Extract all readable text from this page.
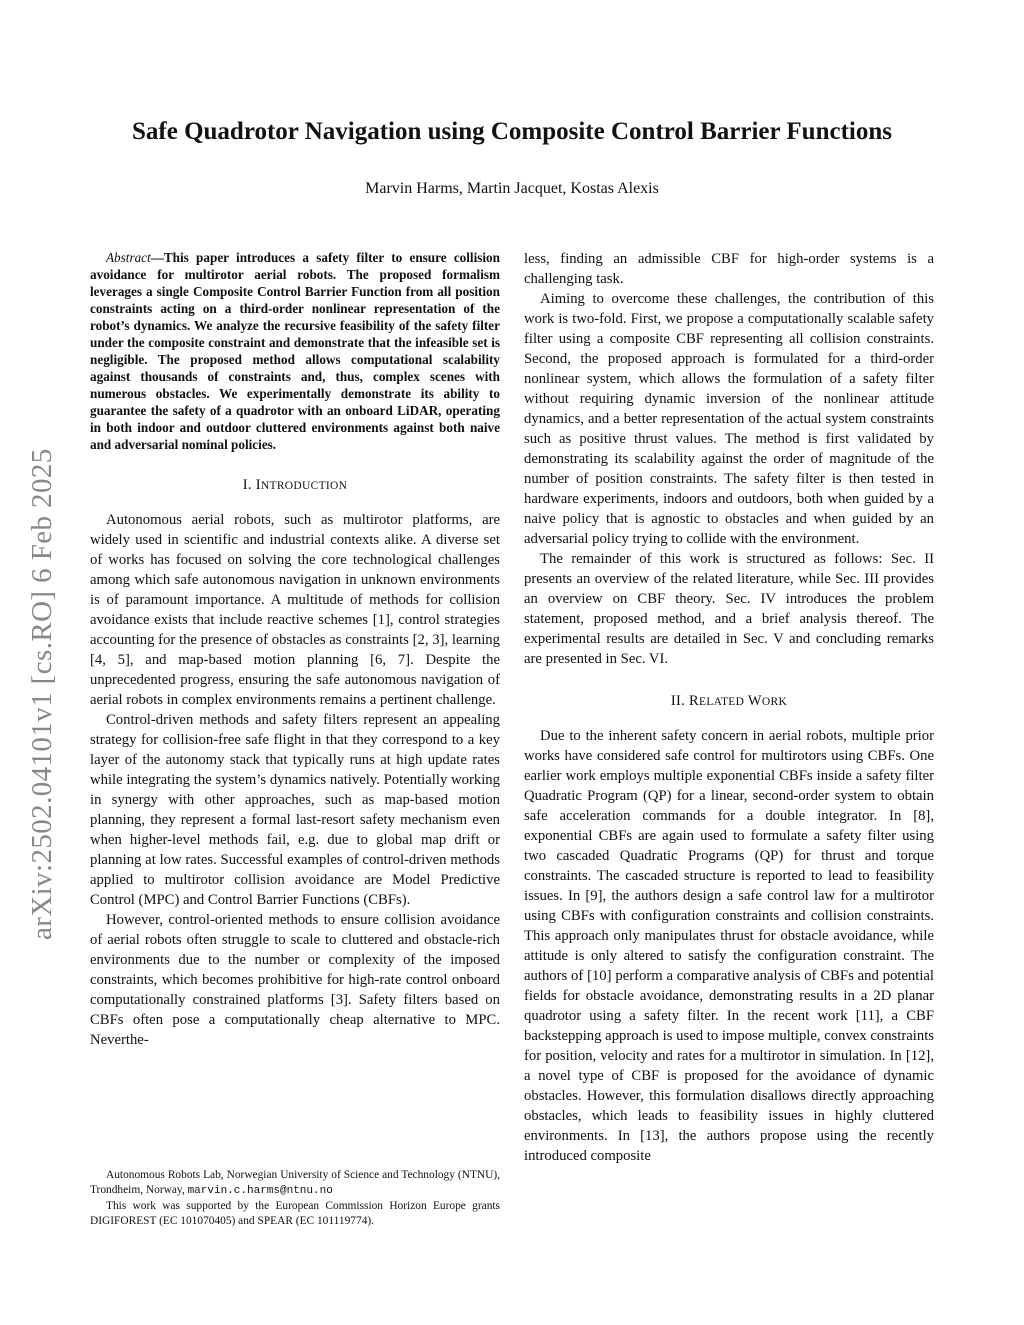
arXiv:2502.04101v1 [cs.RO] 6 Feb 2025
Safe Quadrotor Navigation using Composite Control Barrier Functions
Marvin Harms, Martin Jacquet, Kostas Alexis

Abstract—This paper introduces a safety filter to ensure collision avoidance for multirotor aerial robots. The proposed formalism leverages a single Composite Control Barrier Function from all position constraints acting on a third-order nonlinear representation of the robot’s dynamics. We analyze the recursive feasibility of the safety filter under the composite constraint and demonstrate that the infeasible set is negligible. The proposed method allows computational scalability against thousands of constraints and, thus, complex scenes with numerous obstacles. We experimentally demonstrate its ability to guarantee the safety of a quadrotor with an onboard LiDAR, operating in both indoor and outdoor cluttered environments against both naive and adversarial nominal policies.

I. INTRODUCTION

Autonomous aerial robots, such as multirotor platforms, are widely used in scientific and industrial contexts alike. A diverse set of works has focused on solving the core technological challenges among which safe autonomous navigation in unknown environments is of paramount importance. A multitude of methods for collision avoidance exists that include reactive schemes [1], control strategies accounting for the presence of obstacles as constraints [2, 3], learning [4, 5], and map-based motion planning [6, 7]. Despite the unprecedented progress, ensuring the safe autonomous navigation of aerial robots in complex environments remains a pertinent challenge.

Control-driven methods and safety filters represent an appealing strategy for collision-free safe flight in that they correspond to a key layer of the autonomy stack that typically runs at high update rates while integrating the system’s dynamics natively. Potentially working in synergy with other approaches, such as map-based motion planning, they represent a formal last-resort safety mechanism even when higher-level methods fail, e.g. due to global map drift or planning at low rates. Successful examples of control-driven methods applied to multirotor collision avoidance are Model Predictive Control (MPC) and Control Barrier Functions (CBFs).

However, control-oriented methods to ensure collision avoidance of aerial robots often struggle to scale to cluttered and obstacle-rich environments due to the number or complexity of the imposed constraints, which becomes prohibitive for high-rate control onboard computationally constrained platforms [3]. Safety filters based on CBFs often pose a computationally cheap alternative to MPC. Neverthe-

Autonomous Robots Lab, Norwegian University of Science and Technology (NTNU), Trondheim, Norway, marvin.c.harms@ntnu.no

This work was supported by the European Commission Horizon Europe grants DIGIFOREST (EC 101070405) and SPEAR (EC 101119774).

less, finding an admissible CBF for high-order systems is a challenging task.

Aiming to overcome these challenges, the contribution of this work is two-fold. First, we propose a computationally scalable safety filter using a composite CBF representing all collision constraints. Second, the proposed approach is formulated for a third-order nonlinear system, which allows the formulation of a safety filter without requiring dynamic inversion of the nonlinear attitude dynamics, and a better representation of the actual system constraints such as positive thrust values. The method is first validated by demonstrating its scalability against the order of magnitude of the number of position constraints. The safety filter is then tested in hardware experiments, indoors and outdoors, both when guided by a naive policy that is agnostic to obstacles and when guided by an adversarial policy trying to collide with the environment.

The remainder of this work is structured as follows: Sec. II presents an overview of the related literature, while Sec. III provides an overview on CBF theory. Sec. IV introduces the problem statement, proposed method, and a brief analysis thereof. The experimental results are detailed in Sec. V and concluding remarks are presented in Sec. VI.

II. RELATED WORK

Due to the inherent safety concern in aerial robots, multiple prior works have considered safe control for multirotors using CBFs. One earlier work employs multiple exponential CBFs inside a safety filter Quadratic Program (QP) for a linear, second-order system to obtain safe acceleration commands for a double integrator. In [8], exponential CBFs are again used to formulate a safety filter using two cascaded Quadratic Programs (QP) for thrust and torque constraints. The cascaded structure is reported to lead to feasibility issues. In [9], the authors design a safe control law for a multirotor using CBFs with configuration constraints and collision constraints. This approach only manipulates thrust for obstacle avoidance, while attitude is only altered to satisfy the configuration constraint. The authors of [10] perform a comparative analysis of CBFs and potential fields for obstacle avoidance, demonstrating results in a 2D planar quadrotor using a safety filter. In the recent work [11], a CBF backstepping approach is used to impose multiple, convex constraints for position, velocity and rates for a multirotor in simulation. In [12], a novel type of CBF is proposed for the avoidance of dynamic obstacles. However, this formulation disallows directly approaching obstacles, which leads to feasibility issues in highly cluttered environments. In [13], the authors propose using the recently introduced composite
